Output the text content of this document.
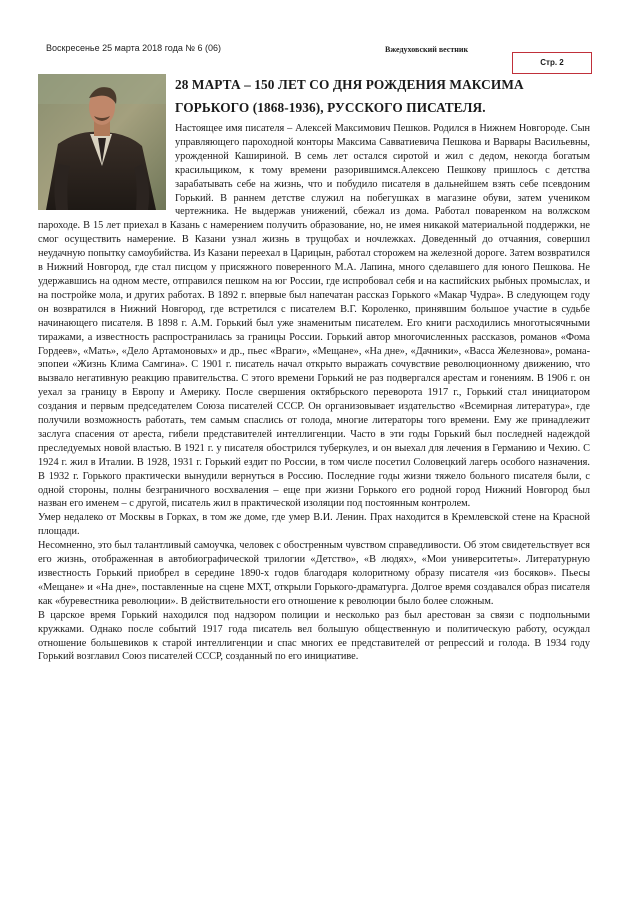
Воскресенье 25 марта 2018 года № 6 (06)	Вжедуховский вестник
Стр. 2
28 МАРТА – 150 ЛЕТ СО ДНЯ РОЖДЕНИЯ МАКСИМА ГОРЬКОГО (1868-1936), РУССКОГО ПИСАТЕЛЯ.

Настоящее имя писателя – Алексей Максимович Пешков. Родился в Нижнем Новгороде. Сын управляющего пароходной конторы Максима Савватиевича Пешкова и Варвары Васильевны, урожденной Кашириной. В семь лет остался сиротой и жил с дедом, некогда богатым красильщиком, к тому времени разорившимся.Алексею Пешкову пришлось с детства зарабатывать себе на жизнь, что и побудило писателя в дальнейшем взять себе псевдоним Горький. В раннем детстве служил на побегушках в магазине обуви, затем учеником чертежника. Не выдержав унижений, сбежал из дома. Работал поваренком на волжском пароходе. В 15 лет приехал в Казань с намерением получить образование, но, не имея никакой материальной поддержки, не смог осуществить намерение. В Казани узнал жизнь в трущобах и ночлежках. Доведенный до отчаяния, совершил неудачную попытку самоубийства. Из Казани переехал в Царицын, работал сторожем на железной дороге. Затем возвратился в Нижний Новгород, где стал писцом у присяжного поверенного М.А. Лапина, много сделавшего для юного Пешкова. Не удержавшись на одном месте, отправился пешком на юг России, где испробовал себя и на каспийских рыбных промыслах, и на постройке мола, и других работах. В 1892 г. впервые был напечатан рассказ Горького «Макар Чудра». В следующем году он возвратился в Нижний Новгород, где встретился с писателем В.Г. Короленко, принявшим большое участие в судьбе начинающего писателя. В 1898 г. А.М. Горький был уже знаменитым писателем. Его книги расходились многотысячными тиражами, а известность распространилась за границы России. Горький автор многочисленных рассказов, романов «Фома Гордеев», «Мать», «Дело Артамоновых» и др., пьес «Враги», «Мещане», «На дне», «Дачники», «Васса Железнова», романа-эпопеи «Жизнь Клима Самгина». С 1901 г. писатель начал открыто выражать сочувствие революционному движению, что вызвало негативную реакцию правительства. С этого времени Горький не раз подвергался арестам и гонениям. В 1906 г. он уехал за границу в Европу и Америку. После свершения октябрьского переворота 1917 г., Горький стал инициатором создания и первым председателем Союза писателей СССР. Он организовывает издательство «Всемирная литература», где получили возможность работать, тем самым спаслись от голода, многие литераторы того времени. Ему же принадлежит заслуга спасения от ареста, гибели представителей интеллигенции. Часто в эти годы Горький был последней надеждой преследуемых новой властью. В 1921 г. у писателя обострился туберкулез, и он выехал для лечения в Германию и Чехию. С 1924 г. жил в Италии. В 1928, 1931 г. Горький ездит по России, в том числе посетил Соловецкий лагерь особого назначения. В 1932 г. Горького практически вынудили вернуться в Россию. Последние годы жизни тяжело больного писателя были, с одной стороны, полны безграничного восхваления – еще при жизни Горького его родной город Нижний Новгород был назван его именем – с другой, писатель жил в практической изоляции под постоянным контролем.

Умер недалеко от Москвы в Горках, в том же доме, где умер В.И. Ленин. Прах находится в Кремлевской стене на Красной площади.

Несомненно, это был талантливый самоучка, человек с обостренным чувством справедливости. Об этом свидетельствует вся его жизнь, отображенная в автобиографической трилогии «Детство», «В людях», «Мои университеты». Литературную известность Горький приобрел в середине 1890-х годов благодаря колоритному образу писателя «из босяков». Пьесы «Мещане» и «На дне», поставленные на сцене МХТ, открыли Горького-драматурга. Долгое время создавался образ писателя как «буревестника революции». В действительности его отношение к революции было более сложным.

В царское время Горький находился под надзором полиции и несколько раз был арестован за связи с подпольными кружками. Однако после событий 1917 года писатель вел большую общественную и политическую работу, осуждал отношение большевиков к старой интеллигенции и спас многих ее представителей от репрессий и голода. В 1934 году Горький возглавил Союз писателей СССР, созданный по его инициативе.
